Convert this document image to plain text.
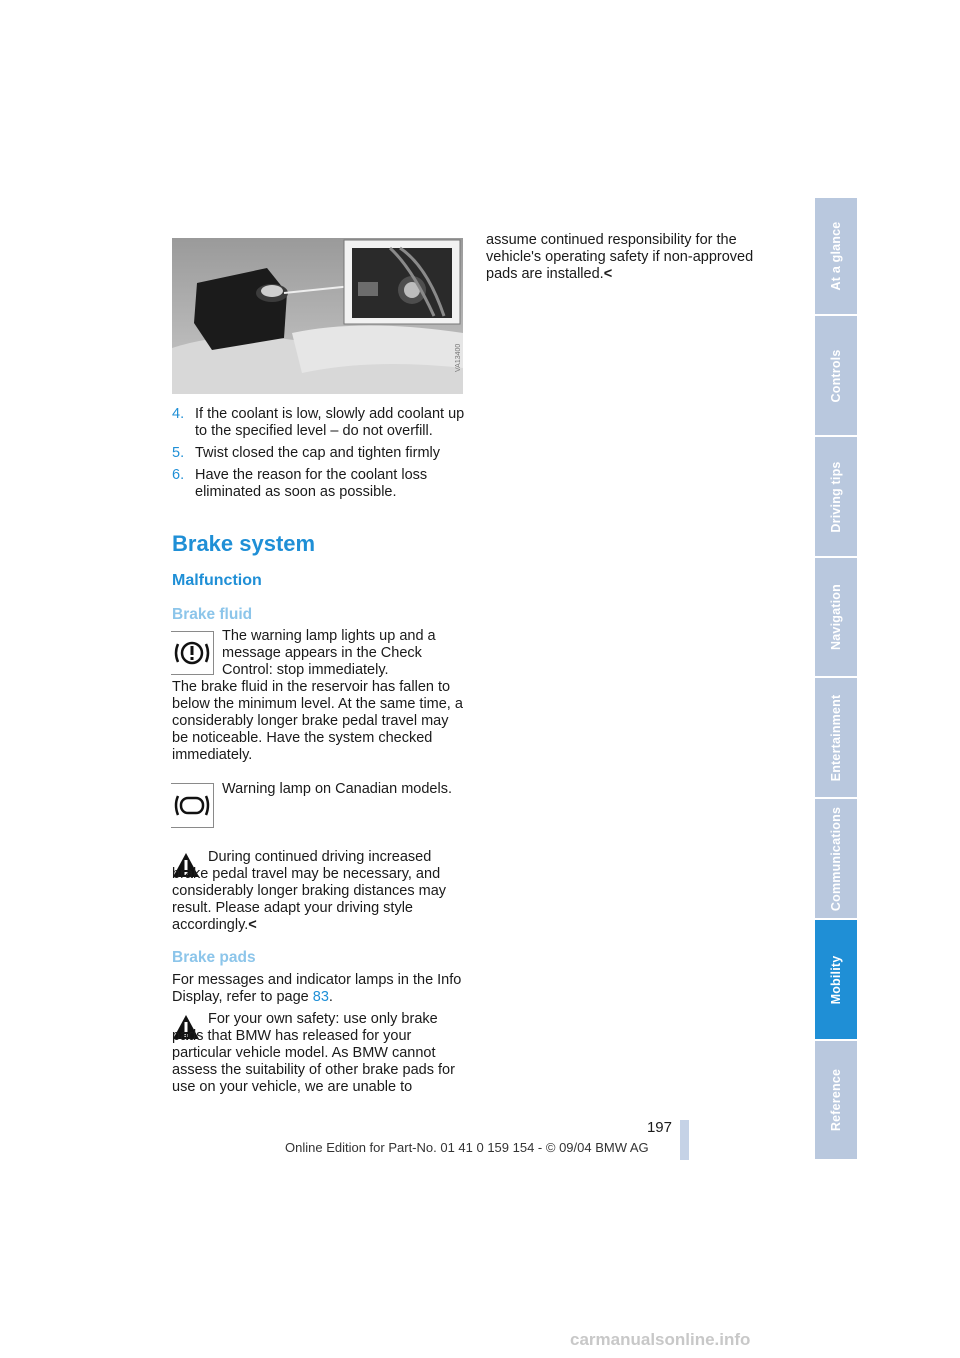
VA13400
4. If the coolant is low, slowly add coolant up to the specified level – do not overfill.
5. Twist closed the cap and tighten firmly
6. Have the reason for the coolant loss eliminated as soon as possible.
Brake system
Malfunction
Brake fluid
The warning lamp lights up and a message appears in the Check Control: stop immediately.
The brake fluid in the reservoir has fallen to below the minimum level. At the same time, a considerably longer brake pedal travel may be noticeable. Have the system checked immediately.
Warning lamp on Canadian models.
During continued driving increased brake pedal travel may be necessary, and considerably longer braking distances may result. Please adapt your driving style accordingly.<
Brake pads
For messages and indicator lamps in the Info Display, refer to page 83.
For your own safety: use only brake pads that BMW has released for your particular vehicle model. As BMW cannot assess the suitability of other brake pads for use on your vehicle, we are unable to
assume continued responsibility for the vehicle's operating safety if non-approved pads are installed.<
197
Online Edition for Part-No. 01 41 0 159 154 - © 09/04 BMW AG
At a glance
Controls
Driving tips
Navigation
Entertainment
Communications
Mobility
Reference
carmanualsonline.info
